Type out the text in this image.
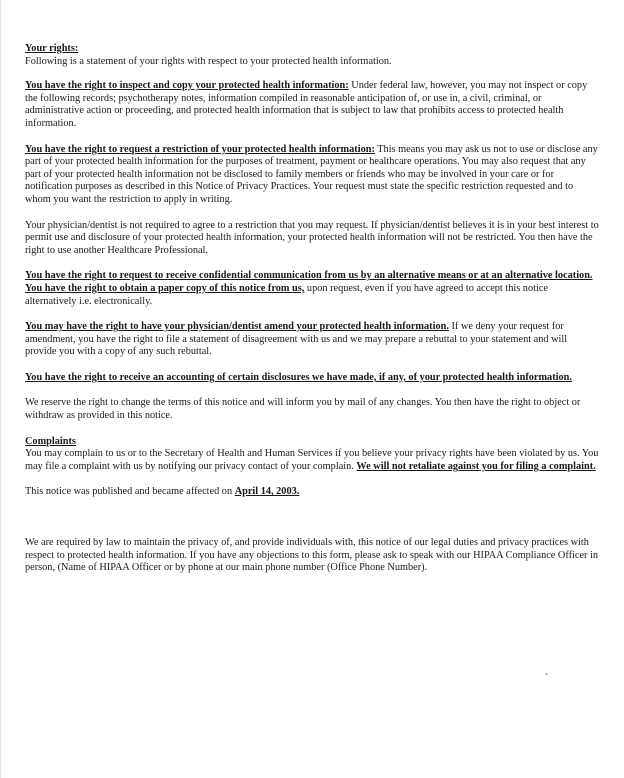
Your rights:

Following is a statement of your rights with respect to your protected health information.

You have the right to inspect and copy your protected health information: Under federal law, however, you may not inspect or copy the following records; psychotherapy notes, information compiled in reasonable anticipation of, or use in, a civil, criminal, or administrative action or proceeding, and protected health information that is subject to law that prohibits access to protected health information.

You have the right to request a restriction of your protected health information: This means you may ask us not to use or disclose any part of your protected health information for the purposes of treatment, payment or healthcare operations. You may also request that any part of your protected health information not be disclosed to family members or friends who may be involved in your care or for notification purposes as described in this Notice of Privacy Practices. Your request must state the specific restriction requested and to whom you want the restriction to apply in writing.

Your physician/dentist is not required to agree to a restriction that you may request. If physician/dentist believes it is in your best interest to permit use and disclosure of your protected health information, your protected health information will not be restricted. You then have the right to use another Healthcare Professional.

You have the right to request to receive confidential communication from us by an alternative means or at an alternative location. You have the right to obtain a paper copy of this notice from us, upon request, even if you have agreed to accept this notice alternatively i.e. electronically.

You may have the right to have your physician/dentist amend your protected health information. If we deny your request for amendment, you have the right to file a statement of disagreement with us and we may prepare a rebuttal to your statement and will provide you with a copy of any such rebuttal.

You have the right to receive an accounting of certain disclosures we have made, if any, of your protected health information.

We reserve the right to change the terms of this notice and will inform you by mail of any changes. You then have the right to object or withdraw as provided in this notice.

Complaints

You may complain to us or to the Secretary of Health and Human Services if you believe your privacy rights have been violated by us. You may file a complaint with us by notifying our privacy contact of your complain. We will not retaliate against you for filing a complaint.

This notice was published and became affected on April 14, 2003.

We are required by law to maintain the privacy of, and provide individuals with, this notice of our legal duties and privacy practices with respect to protected health information. If you have any objections to this form, please ask to speak with our HIPAA Compliance Officer in person, (Name of HIPAA Officer or by phone at our main phone number (Office Phone Number).
